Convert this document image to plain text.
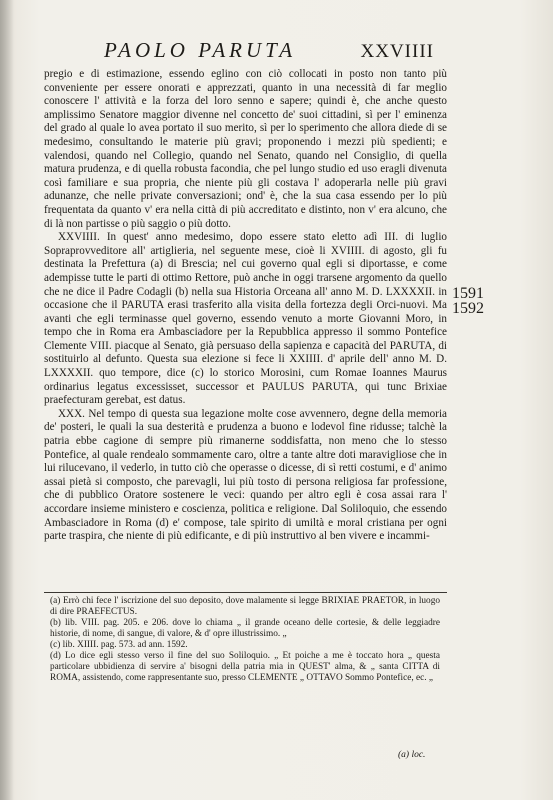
PAOLO PARUTA	XXVIIII
1591
1592

pregio e di estimazione, essendo eglino con ciò collocati in posto non tanto più conveniente per essere onorati e apprezzati, quanto in una necessità di far meglio conoscere l' attività e la forza del loro senno e sapere; quindi è, che anche questo amplissimo Senatore maggior divenne nel concetto de' suoi cittadini, sì per l' eminenza del grado al quale lo avea portato il suo merito, sì per lo sperimento che allora diede di se medesimo, consultando le materie più gravi; proponendo i mezzi più spedienti; e valendosi, quando nel Collegio, quando nel Senato, quando nel Consiglio, di quella matura prudenza, e di quella robusta facondia, che pel lungo studio ed uso eragli divenuta così familiare e sua propria, che niente più gli costava l' adoperarla nelle più gravi adunanze, che nelle private conversazioni; ond' è, che la sua casa essendo per lo più frequentata da quanto v' era nella città di più accreditato e distinto, non v' era alcuno, che di là non partisse o più saggio o più dotto.

XXVIIII. In quest' anno medesimo, dopo essere stato eletto adì III. di luglio Sopraprovveditore all' artiglieria, nel seguente mese, cioè li XVIIII. di agosto, gli fu destinata la Prefettura (a) di Brescia; nel cui governo qual egli si diportasse, e come adempisse tutte le parti di ottimo Rettore, può anche in oggi trarsene argomento da quello che ne dice il Padre Codagli (b) nella sua Historia Orceana all' anno M. D. LXXXXII. in occasione che il PARUTA erasi trasferito alla visita della fortezza degli Orci-nuovi. Ma avanti che egli terminasse quel governo, essendo venuto a morte Giovanni Moro, in tempo che in Roma era Ambasciadore per la Repubblica appresso il sommo Pontefice Clemente VIII. piacque al Senato, già persuaso della sapienza e capacità del PARUTA, di sostituirlo al defunto. Questa sua elezione si fece li XXIIII. d' aprile dell' anno M. D. LXXXXII. quo tempore, dice (c) lo storico Morosini, cum Romae Ioannes Maurus ordinarius legatus excessisset, successor et PAULUS PARUTA, qui tunc Brixiae praefecturam gerebat, est datus.

XXX. Nel tempo di questa sua legazione molte cose avvennero, degne della memoria de' posteri, le quali la sua desterità e prudenza a buono e lodevol fine ridusse; talchè la patria ebbe cagione di sempre più rimanerne soddisfatta, non meno che lo stesso Pontefice, al quale rendealo sommamente caro, oltre a tante altre doti maravigliose che in lui rilucevano, il vederlo, in tutto ciò che operasse o dicesse, di sì retti costumi, e d' animo assai pietà si composto, che parevagli, lui più tosto di persona religiosa far professione, che di pubblico Oratore sostenere le veci: quando per altro egli è cosa assai rara l' accordare insieme ministero e coscienza, politica e religione. Dal Soliloquio, che essendo Ambasciadore in Roma (d) e' compose, tale spirito di umiltà e moral cristiana per ogni parte traspira, che niente di più edificante, e di più instruttivo al ben vivere e incammi-

(a) Errò chi fece l' iscrizione del suo deposito, dove malamente si legge BRIXIAE PRAETOR, in luogo di dire PRAEFECTUS.

(b) lib. VIII. pag. 205. e 206. dove lo chiama „ il grande oceano delle cortesie, & delle leggiadre historie, di nome, di sangue, di valore, & d' opre illustrissimo. „

(c) lib. XIIII. pag. 573. ad ann. 1592.

(d) Lo dice egli stesso verso il fine del suo Soliloquio. „ Et poiche a me è toccato hora „ questa particolare ubbidienza di servire a' bisogni della patria mia in QUEST' alma, & „ santa CITTA di ROMA, assistendo, come rappresentante suo, presso CLEMENTE „ OTTAVO Sommo Pontefice, ec. „

(a) loc.
